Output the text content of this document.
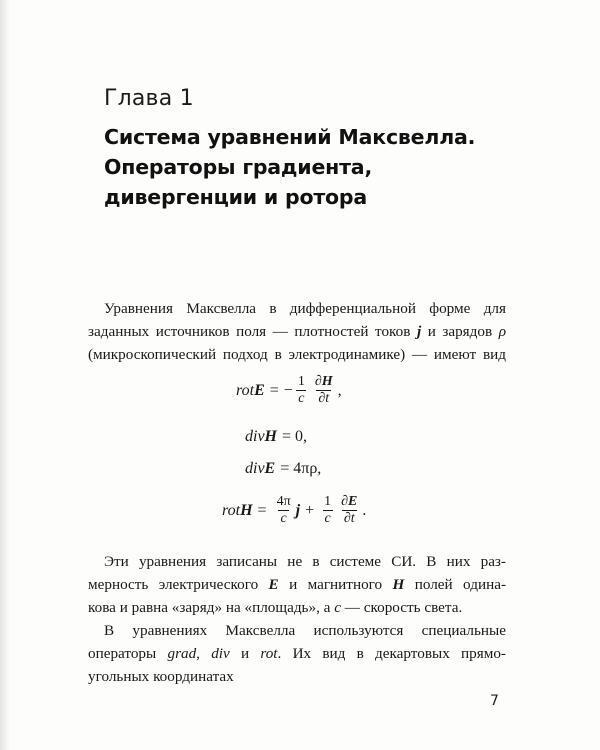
Глава 1
Система уравнений Максвелла.
Операторы градиента,
дивергенции и ротора
Уравнения Максвелла в дифференциальной форме для
заданных источников поля — плотностей токов j и зарядов ρ
(микроскопический подход в электродинамике) — имеют вид
rot E = − $\frac{1}{c} \frac{\partial H}{\partial t}$ ,
div H = 0,
div E = 4πρ,
rot $H = \frac{4\pi}{c}$ $j + \frac{1}{c} \frac{\partial E}{\partial t}$ .
Эти уравнения записаны не в системе СИ. В них раз-
мерность электрического E и магнитного H полей одина-
кова и равна «заряд» на «площадь», а c — скорость света.
В уравнениях Максвелла используются специальные
операторы grad, div и rot. Их вид в декартовых прямо-
угольных координатах
7
